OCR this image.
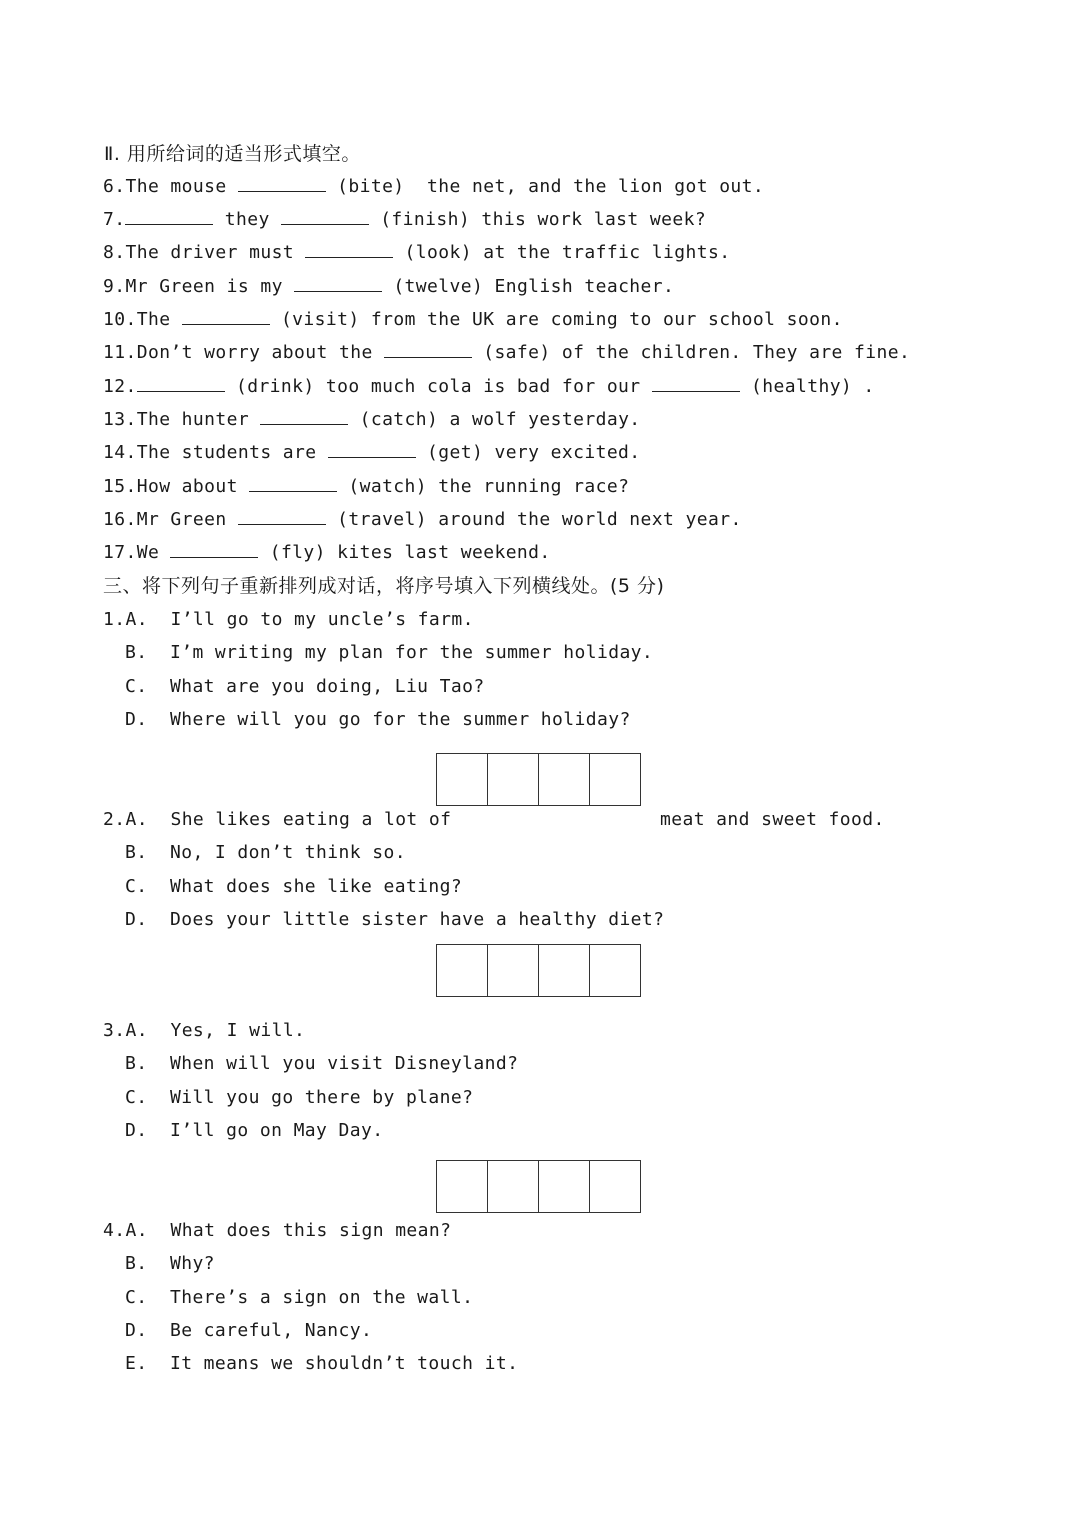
Ⅱ. 用所给词的适当形式填空。
6.The mouse	(bite) the net, and the lion got out.
7.	they	(finish) this work last week?
8.The driver must	(look) at the traffic lights.
9.Mr Green is my	(twelve) English teacher.
10.The	(visit) from the UK are coming to our school soon.
11.Don’t worry about the	(safe) of the children. They are fine.
12.	(drink) too much cola is bad for our	(healthy) .
13.The hunter	(catch) a wolf yesterday.
14.The students are	(get) very excited.
15.How about	(watch) the running race?
16.Mr Green	(travel) around the world next year.
17.We	(fly) kites last weekend.
三、将下列句子重新排列成对话，将序号填入下列横线处。(5 分)
1.A. I’ll go to my uncle’s farm.
B. I’m writing my plan for the summer holiday.
C. What are you doing, Liu Tao?
D. Where will you go for the summer holiday?
2.A. She likes eating a lot of	meat and sweet food.
B. No, I don’t think so.
C. What does she like eating?
D. Does your little sister have a healthy diet?
3.A. Yes, I will.
B. When will you visit Disneyland?
C. Will you go there by plane?
D. I’ll go on May Day.
4.A. What does this sign mean?
B. Why?
C. There’s a sign on the wall.
D. Be careful, Nancy.
E. It means we shouldn’t touch it.
